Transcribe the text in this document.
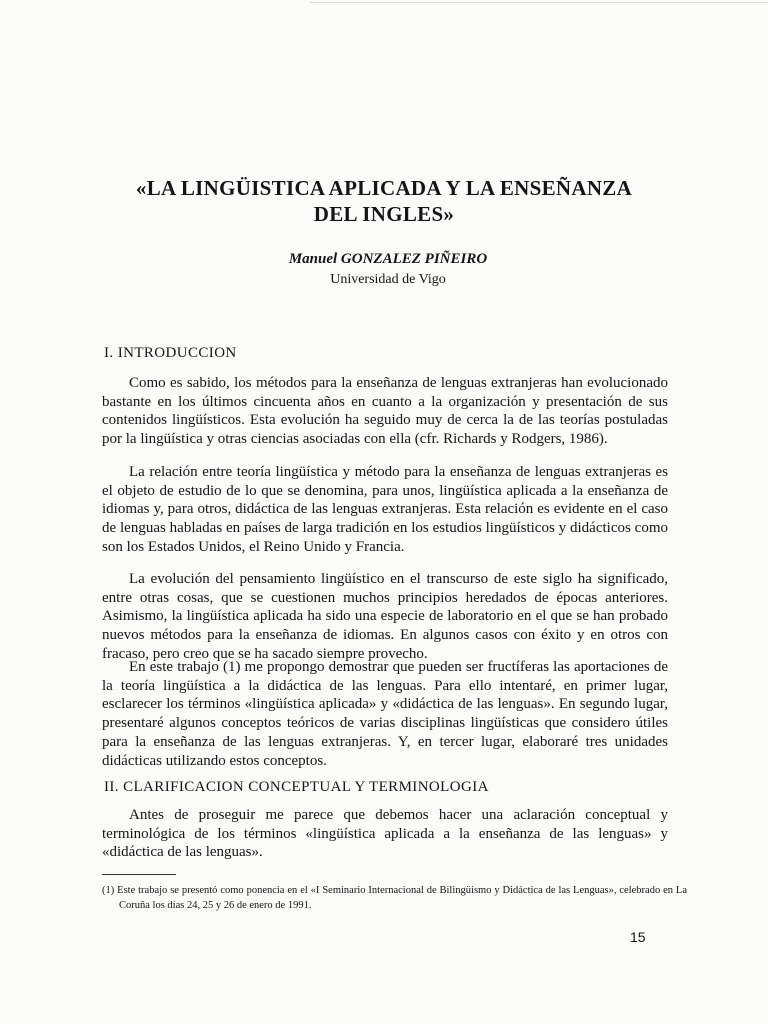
«LA LINGÜISTICA APLICADA Y LA ENSEÑANZA
DEL INGLES»
Manuel GONZALEZ PIÑEIRO
Universidad de Vigo
I. INTRODUCCION

Como es sabido, los métodos para la enseñanza de lenguas extranjeras han evolucionado bastante en los últimos cincuenta años en cuanto a la organización y presentación de sus contenidos lingüísticos. Esta evolución ha seguido muy de cerca la de las teorías postuladas por la lingüística y otras ciencias asociadas con ella (cfr. Richards y Rodgers, 1986).

La relación entre teoría lingüística y método para la enseñanza de lenguas extranjeras es el objeto de estudio de lo que se denomina, para unos, lingüística aplicada a la enseñanza de idiomas y, para otros, didáctica de las lenguas extranjeras. Esta relación es evidente en el caso de lenguas habladas en países de larga tradición en los estudios lingüísticos y didácticos como son los Estados Unidos, el Reino Unido y Francia.

La evolución del pensamiento lingüístico en el transcurso de este siglo ha significado, entre otras cosas, que se cuestionen muchos principios heredados de épocas anteriores. Asimismo, la lingüística aplicada ha sido una especie de laboratorio en el que se han probado nuevos métodos para la enseñanza de idiomas. En algunos casos con éxito y en otros con fracaso, pero creo que se ha sacado siempre provecho.

En este trabajo (1) me propongo demostrar que pueden ser fructíferas las aportaciones de la teoría lingüística a la didáctica de las lenguas. Para ello intentaré, en primer lugar, esclarecer los términos «lingüística aplicada» y «didáctica de las lenguas». En segundo lugar, presentaré algunos conceptos teóricos de varias disciplinas lingüísticas que considero útiles para la enseñanza de las lenguas extranjeras. Y, en tercer lugar, elaboraré tres unidades didácticas utilizando estos conceptos.

II. CLARIFICACION CONCEPTUAL Y TERMINOLOGIA

Antes de proseguir me parece que debemos hacer una aclaración conceptual y terminológica de los términos «lingüística aplicada a la enseñanza de las lenguas» y «didáctica de las lenguas».

(1) Este trabajo se presentó como ponencia en el «I Seminario Internacional de Bilingüismo y Didáctica de las Lenguas», celebrado en La Coruña los días 24, 25 y 26 de enero de 1991.

15
